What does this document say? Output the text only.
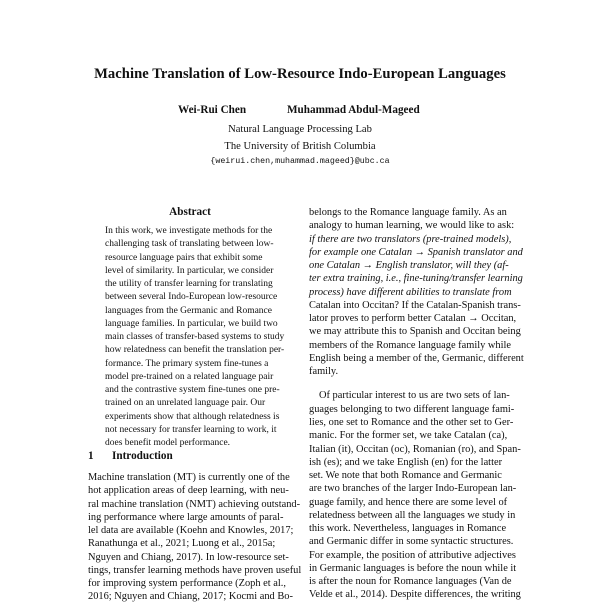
Machine Translation of Low-Resource Indo-European Languages
Wei-Rui Chen	Muhammad Abdul-Mageed
Natural Language Processing Lab
The University of British Columbia
{weirui.chen,muhammad.mageed}@ubc.ca
Abstract
In this work, we investigate methods for the
challenging task of translating between low-
resource language pairs that exhibit some
level of similarity. In particular, we consider
the utility of transfer learning for translating
between several Indo-European low-resource
languages from the Germanic and Romance
language families. In particular, we build two
main classes of transfer-based systems to study
how relatedness can benefit the translation per-
formance. The primary system fine-tunes a
model pre-trained on a related language pair
and the contrastive system fine-tunes one pre-
trained on an unrelated language pair. Our
experiments show that although relatedness is
not necessary for transfer learning to work, it
does benefit model performance.
1 Introduction
Machine translation (MT) is currently one of the
hot application areas of deep learning, with neu-
ral machine translation (NMT) achieving outstand-
ing performance where large amounts of paral-
lel data are available (Koehn and Knowles, 2017;
Ranathunga et al., 2021; Luong et al., 2015a;
Nguyen and Chiang, 2017). In low-resource set-
tings, transfer learning methods have proven useful
for improving system performance (Zoph et al.,
2016; Nguyen and Chiang, 2017; Kocmi and Bo-
belongs to the Romance language family. As an
analogy to human learning, we would like to ask:
if there are two translators (pre-trained models),
for example one Catalan → Spanish translator and
one Catalan → English translator, will they (af-
ter extra training, i.e., fine-tuning/transfer learning
process) have different abilities to translate from
Catalan into Occitan? If the Catalan-Spanish trans-
lator proves to perform better Catalan → Occitan,
we may attribute this to Spanish and Occitan being
members of the Romance language family while
English being a member of the, Germanic, different
family.
Of particular interest to us are two sets of lan-
guages belonging to two different language fami-
lies, one set to Romance and the other set to Ger-
manic. For the former set, we take Catalan (ca),
Italian (it), Occitan (oc), Romanian (ro), and Span-
ish (es); and we take English (en) for the latter
set. We note that both Romance and Germanic
are two branches of the larger Indo-European lan-
guage family, and hence there are some level of
relatedness between all the languages we study in
this work. Nevertheless, languages in Romance
and Germanic differ in some syntactic structures.
For example, the position of attributive adjectives
in Germanic languages is before the noun while it
is after the noun for Romance languages (Van de
Velde et al., 2014). Despite differences, the writing
